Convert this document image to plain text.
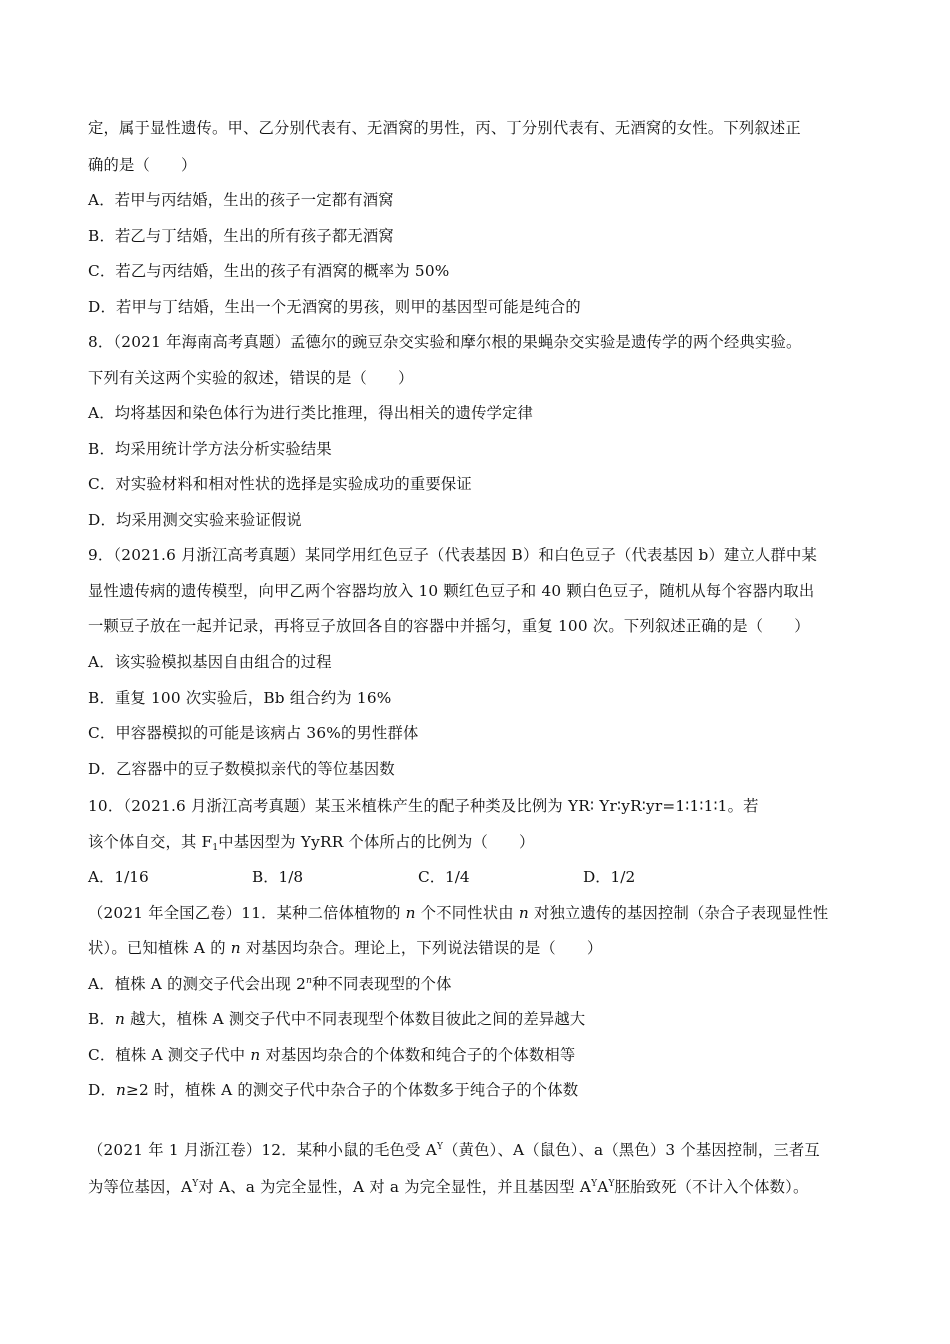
定，属于显性遗传。甲、乙分别代表有、无酒窝的男性，丙、丁分别代表有、无酒窝的女性。下列叙述正
确的是（　　）
A．若甲与丙结婚，生出的孩子一定都有酒窝
B．若乙与丁结婚，生出的所有孩子都无酒窝
C．若乙与丙结婚，生出的孩子有酒窝的概率为 50%
D．若甲与丁结婚，生出一个无酒窝的男孩，则甲的基因型可能是纯合的
8．（2021 年海南高考真题）孟德尔的豌豆杂交实验和摩尔根的果蝇杂交实验是遗传学的两个经典实验。
下列有关这两个实验的叙述，错误的是（　　）
A．均将基因和染色体行为进行类比推理，得出相关的遗传学定律
B．均采用统计学方法分析实验结果
C．对实验材料和相对性状的选择是实验成功的重要保证
D．均采用测交实验来验证假说
9．（2021.6 月浙江高考真题）某同学用红色豆子（代表基因 B）和白色豆子（代表基因 b）建立人群中某
显性遗传病的遗传模型，向甲乙两个容器均放入 10 颗红色豆子和 40 颗白色豆子，随机从每个容器内取出
一颗豆子放在一起并记录，再将豆子放回各自的容器中并摇匀，重复 100 次。下列叙述正确的是（　　）
A．该实验模拟基因自由组合的过程
B．重复 100 次实验后，Bb 组合约为 16%
C．甲容器模拟的可能是该病占 36%的男性群体
D．乙容器中的豆子数模拟亲代的等位基因数
10．（2021.6 月浙江高考真题）某玉米植株产生的配子种类及比例为 YR∶ Yr∶yR∶yr=1∶1∶1∶1。若
该个体自交，其 $F_1$中基因型为 YyRR 个体所占的比例为（　　）
A．1/16	B．1/8	C．1/4	D．1/2
（2021 年全国乙卷）11．某种二倍体植物的 n 个不同性状由 n 对独立遗传的基因控制（杂合子表现显性性
状）。已知植株 A 的 n 对基因均杂合。理论上，下列说法错误的是（　　）
A．植株 A 的测交子代会出现 2$^n$种不同表现型的个体
B．n 越大，植株 A 测交子代中不同表现型个体数目彼此之间的差异越大
C．植株 A 测交子代中 n 对基因均杂合的个体数和纯合子的个体数相等
D．n≥2 时，植株 A 的测交子代中杂合子的个体数多于纯合子的个体数
（2021 年 1 月浙江卷）12．某种小鼠的毛色受 $A^Y$（黄色）、A（鼠色）、a（黑色）3 个基因控制，三者互
为等位基因，$A^Y$对 A、a 为完全显性，A 对 a 为完全显性，并且基因型 $A^YA^Y$胚胎致死（不计入个体数）。
